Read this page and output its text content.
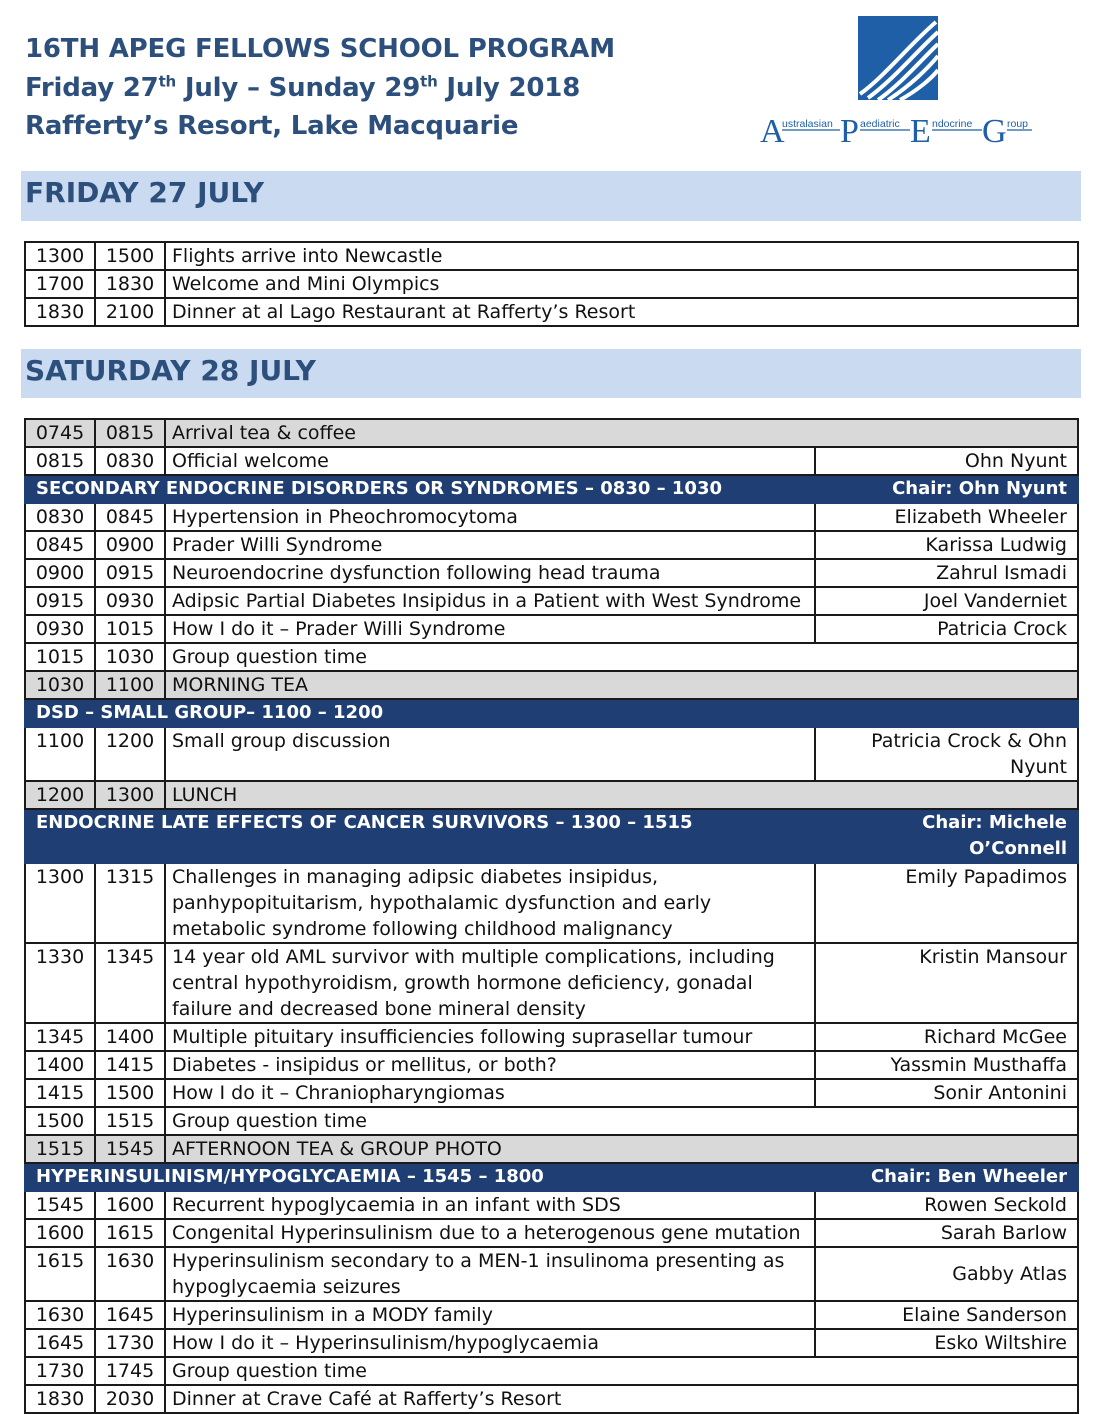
16TH APEG FELLOWS SCHOOL PROGRAM
Friday 27th July – Sunday 29th July 2018
Rafferty’s Resort, Lake Macquarie	A
ustralasian P aediatric E ndocrine G roup
FRIDAY 27 JULY
1300	1500	Flights arrive into Newcastle
1700	1830	Welcome and Mini Olympics
1830	2100	Dinner at al Lago Restaurant at Rafferty’s Resort
SATURDAY 28 JULY
0745	0815	Arrival tea & coffee	
0815	0830	Official welcome	Ohn Nyunt
SECONDARY ENDOCRINE DISORDERS OR SYNDROMES – 0830 – 1030			Chair: Ohn Nyunt
0830	0845	Hypertension in Pheochromocytoma	Elizabeth Wheeler
0845	0900	Prader Willi Syndrome	Karissa Ludwig
0900	0915	Neuroendocrine dysfunction following head trauma	Zahrul Ismadi
0915	0930	Adipsic Partial Diabetes Insipidus in a Patient with West Syndrome	Joel Vanderniet
0930	1015	How I do it – Prader Willi Syndrome	Patricia Crock
1015	1030	Group question time	
1030	1100	MORNING TEA	
DSD – SMALL GROUP– 1100 – 1200			
1100	1200	Small group discussion	Patricia Crock & Ohn Nyunt
1200	1300	LUNCH	
ENDOCRINE LATE EFFECTS OF CANCER SURVIVORS – 1300 – 1515			Chair: Michele O’Connell
1300	1315	Challenges in managing adipsic diabetes insipidus, panhypopituitarism, hypothalamic dysfunction and early metabolic syndrome following childhood malignancy	Emily Papadimos
1330	1345	14 year old AML survivor with multiple complications, including central hypothyroidism, growth hormone deficiency, gonadal failure and decreased bone mineral density	Kristin Mansour
1345	1400	Multiple pituitary insufficiencies following suprasellar tumour	Richard McGee
1400	1415	Diabetes - insipidus or mellitus, or both?	Yassmin Musthaffa
1415	1500	How I do it – Chraniopharyngiomas	Sonir Antonini
1500	1515	Group question time	
1515	1545	AFTERNOON TEA & GROUP PHOTO	
HYPERINSULINISM/HYPOGLYCAEMIA – 1545 – 1800			Chair: Ben Wheeler
1545	1600	Recurrent hypoglycaemia in an infant with SDS	Rowen Seckold
1600	1615	Congenital Hyperinsulinism due to a heterogenous gene mutation	Sarah Barlow
1615	1630	Hyperinsulinism secondary to a MEN-1 insulinoma presenting as hypoglycaemia seizures	Gabby Atlas
1630	1645	Hyperinsulinism in a MODY family	Elaine Sanderson
1645	1730	How I do it – Hyperinsulinism/hypoglycaemia	Esko Wiltshire
1730	1745	Group question time	
1830	2030	Dinner at Crave Café at Rafferty’s Resort	
